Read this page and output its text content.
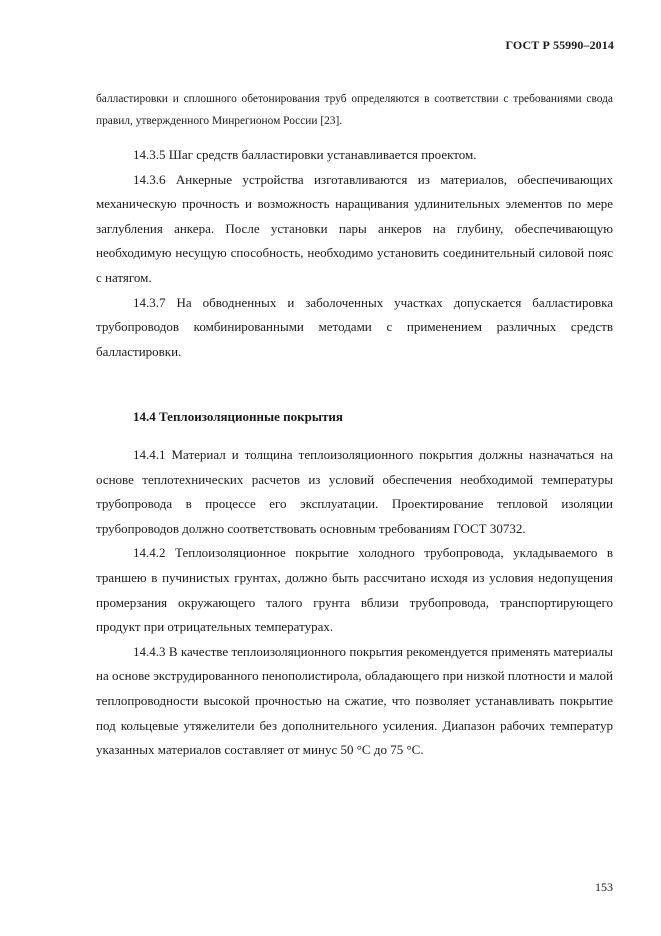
ГОСТ Р 55990–2014
балластировки и сплошного обетонирования труб определяются в соответствии с требованиями свода правил, утвержденного Минрегионом России [23].

14.3.5 Шаг средств балластировки устанавливается проектом.

14.3.6 Анкерные устройства изготавливаются из материалов, обеспечивающих механическую прочность и возможность наращивания удлинительных элементов по мере заглубления анкера. После установки пары анкеров на глубину, обеспечивающую необходимую несущую способность, необходимо установить соединительный силовой пояс с натягом.

14.3.7 На обводненных и заболоченных участках допускается балластировка трубопроводов комбинированными методами с применением различных средств балластировки.

14.4 Теплоизоляционные покрытия

14.4.1 Материал и толщина теплоизоляционного покрытия должны назначаться на основе теплотехнических расчетов из условий обеспечения необходимой температуры трубопровода в процессе его эксплуатации. Проектирование тепловой изоляции трубопроводов должно соответствовать основным требованиям ГОСТ 30732.

14.4.2 Теплоизоляционное покрытие холодного трубопровода, укладываемого в траншею в пучинистых грунтах, должно быть рассчитано исходя из условия недопущения промерзания окружающего талого грунта вблизи трубопровода, транспортирующего продукт при отрицательных температурах.

14.4.3 В качестве теплоизоляционного покрытия рекомендуется применять материалы на основе экструдированного пенополистирола, обладающего при низкой плотности и малой теплопроводности высокой прочностью на сжатие, что позволяет устанавливать покрытие под кольцевые утяжелители без дополнительного усиления. Диапазон рабочих температур указанных материалов составляет от минус 50 °С до 75 °С.

153
